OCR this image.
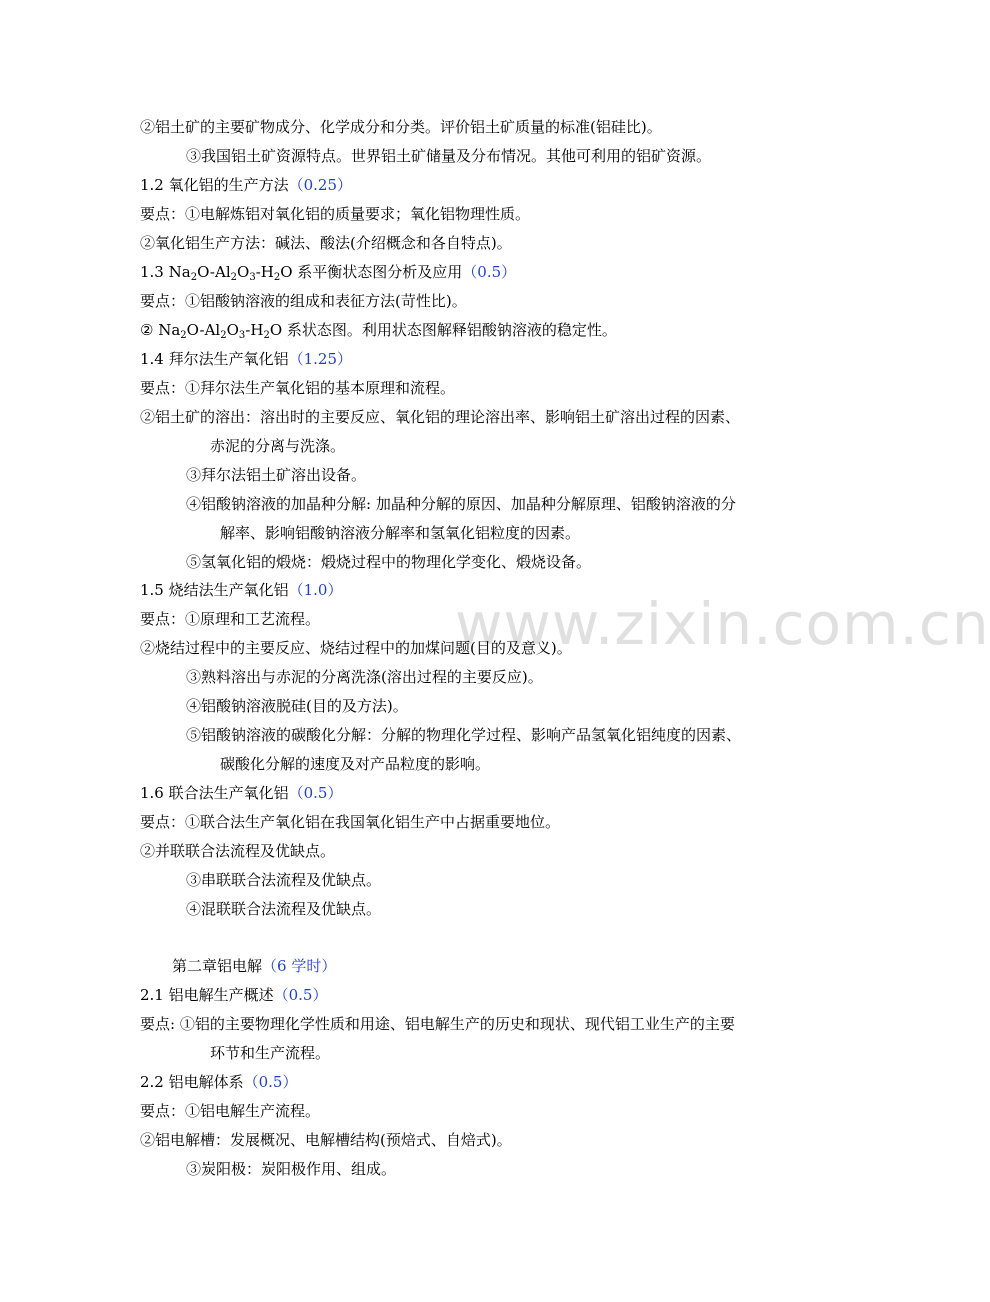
www.zixin.com.cn

②铝土矿的主要矿物成分、化学成分和分类。评价铝土矿质量的标准(铝硅比)。

③我国铝土矿资源特点。世界铝土矿储量及分布情况。其他可利用的铝矿资源。

1.2 氧化铝的生产方法（0.25）

要点：①电解炼铝对氧化铝的质量要求；氧化铝物理性质。

②氧化铝生产方法：碱法、酸法(介绍概念和各自特点)。

1.3 $Na_2O-Al_2O_3-H_2O$ 系平衡状态图分析及应用（0.5）

要点：①铝酸钠溶液的组成和表征方法(苛性比)。

② $Na_2O-Al_2O_3-H_2O$ 系状态图。利用状态图解释铝酸钠溶液的稳定性。

1.4 拜尔法生产氧化铝（1.25）

要点：①拜尔法生产氧化铝的基本原理和流程。

②铝土矿的溶出：溶出时的主要反应、氧化铝的理论溶出率、影响铝土矿溶出过程的因素、

赤泥的分离与洗涤。

③拜尔法铝土矿溶出设备。

④铝酸钠溶液的加晶种分解: 加晶种分解的原因、加晶种分解原理、铝酸钠溶液的分

解率、影响铝酸钠溶液分解率和氢氧化铝粒度的因素。

⑤氢氧化铝的煅烧：煅烧过程中的物理化学变化、煅烧设备。

1.5 烧结法生产氧化铝（1.0）

要点：①原理和工艺流程。

②烧结过程中的主要反应、烧结过程中的加煤问题(目的及意义)。

③熟料溶出与赤泥的分离洗涤(溶出过程的主要反应)。

④铝酸钠溶液脱硅(目的及方法)。

⑤铝酸钠溶液的碳酸化分解：分解的物理化学过程、影响产品氢氧化铝纯度的因素、

碳酸化分解的速度及对产品粒度的影响。

1.6 联合法生产氧化铝（0.5）

要点：①联合法生产氧化铝在我国氧化铝生产中占据重要地位。

②并联联合法流程及优缺点。

③串联联合法流程及优缺点。

④混联联合法流程及优缺点。

第二章铝电解（6 学时）

2.1 铝电解生产概述（0.5）

要点: ①铝的主要物理化学性质和用途、铝电解生产的历史和现状、现代铝工业生产的主要

环节和生产流程。

2.2 铝电解体系（0.5）

要点：①铝电解生产流程。

②铝电解槽：发展概况、电解槽结构(预焙式、自焙式)。

③炭阳极：炭阳极作用、组成。
